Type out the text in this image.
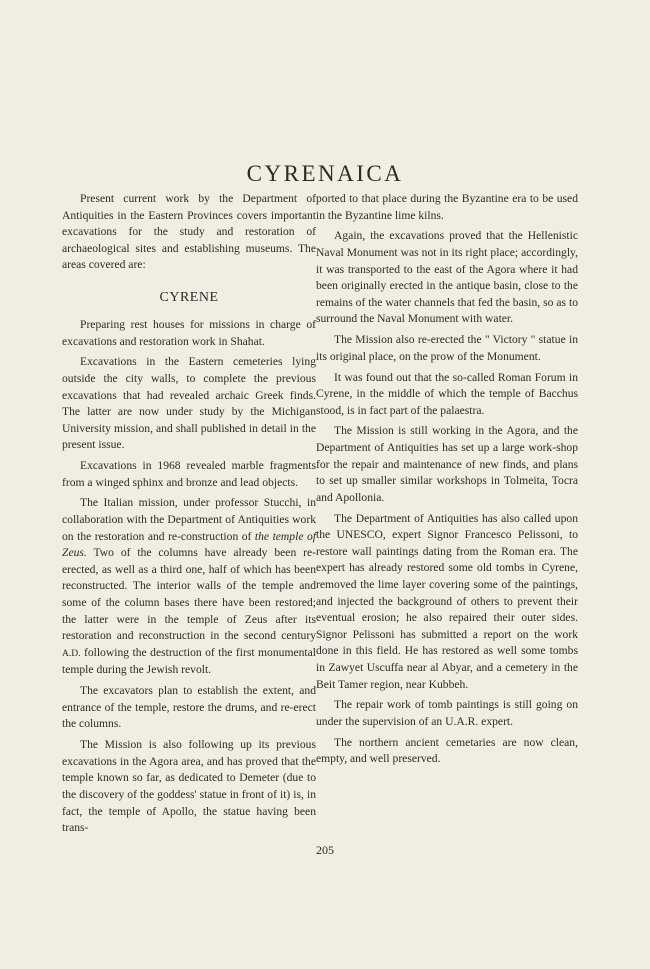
CYRENAICA

Present current work by the Department of Antiquities in the Eastern Provinces covers important excavations for the study and restoration of archaeological sites and establishing museums. The areas covered are:

CYRENE

Preparing rest houses for missions in charge of excavations and restoration work in Shahat.

Excavations in the Eastern cemeteries lying outside the city walls, to complete the previous excavations that had revealed archaic Greek finds. The latter are now under study by the Michigan University mission, and shall published in detail in the present issue.

Excavations in 1968 revealed marble fragments from a winged sphinx and bronze and lead objects.

The Italian mission, under professor Stucchi, in collaboration with the Department of Antiquities work on the restoration and re-construction of the temple of Zeus. Two of the columns have already been re-erected, as well as a third one, half of which has been reconstructed. The interior walls of the temple and some of the column bases there have been restored; the latter were in the temple of Zeus after its restoration and reconstruction in the second century A.D. following the destruction of the first monumental temple during the Jewish revolt.

The excavators plan to establish the extent, and entrance of the temple, restore the drums, and re-erect the columns.

The Mission is also following up its previous excavations in the Agora area, and has proved that the temple known so far, as dedicated to Demeter (due to the discovery of the goddess' statue in front of it) is, in fact, the temple of Apollo, the statue having been trans-

ported to that place during the Byzantine era to be used in the Byzantine lime kilns.

Again, the excavations proved that the Hellenistic Naval Monument was not in its right place; accordingly, it was transported to the east of the Agora where it had been originally erected in the antique basin, close to the remains of the water channels that fed the basin, so as to surround the Naval Monument with water.

The Mission also re-erected the " Victory " statue in its original place, on the prow of the Monument.

It was found out that the so-called Roman Forum in Cyrene, in the middle of which the temple of Bacchus stood, is in fact part of the palaestra.

The Mission is still working in the Agora, and the Department of Antiquities has set up a large work-shop for the repair and maintenance of new finds, and plans to set up smaller similar workshops in Tolmeita, Tocra and Apollonia.

The Department of Antiquities has also called upon the UNESCO, expert Signor Francesco Pelissoni, to restore wall paintings dating from the Roman era. The expert has already restored some old tombs in Cyrene, removed the lime layer covering some of the paintings, and injected the background of others to prevent their eventual erosion; he also repaired their outer sides. Signor Pelissoni has submitted a report on the work done in this field. He has restored as well some tombs in Zawyet Uscuffa near al Abyar, and a cemetery in the Beit Tamer region, near Kubbeh.

The repair work of tomb paintings is still going on under the supervision of an U.A.R. expert.

The northern ancient cemetaries are now clean, empty, and well preserved.

205
